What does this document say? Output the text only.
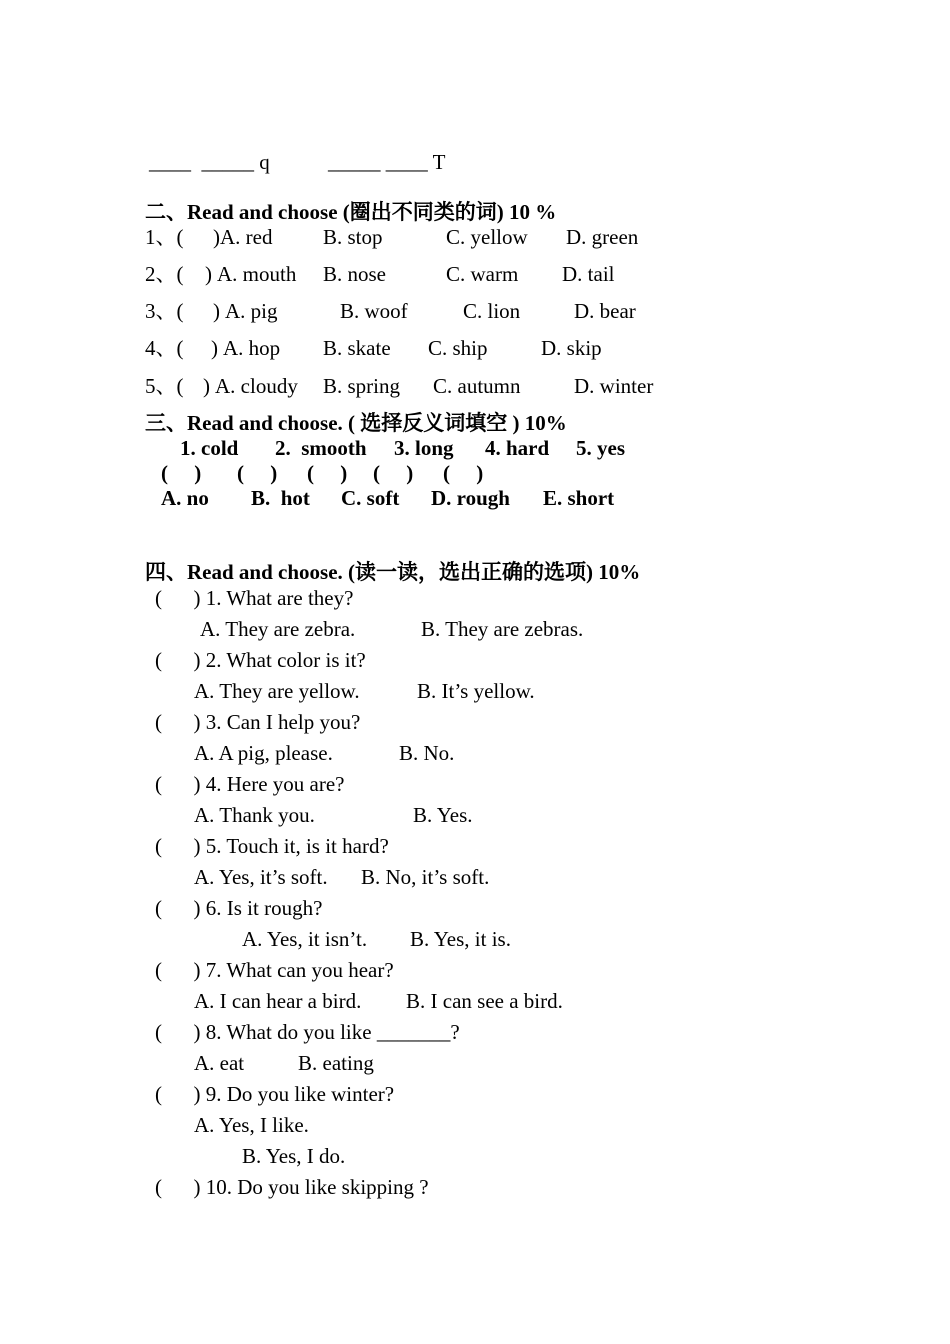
____  _____ q	_____ ____ T
二、Read and choose (圈出不同类的词) 10 %
1、( ) A. red B. stop	C. yellow D. green
2、( ) A. mouth B. nose	C. warm D. tail
3、( ) A. pig	B. woof	C. lion	D. bear
4、( ) A. hop B. skate C. ship	D. skip
5、( ) A. cloudy B. spring C. autumn	D. winter
三、Read and choose. ( 选择反义词填空 ) 10%
1. cold 2.  smooth 3. long 4. hard 5. yes
(     ) (     ) (     ) (     ) (     )
A. no B.  hot C. soft D. rough E. short
四、Read and choose. (读一读，选出正确的选项) 10%
(      ) 1. What are they?
A. They are zebra.	B. They are zebras.
(      ) 2. What color is it?
A. They are yellow.	B. It’s yellow.
(      ) 3. Can I help you?
A. A pig, please.	B. No.
(      ) 4. Here you are?
A. Thank you.	B. Yes.
(      ) 5. Touch it, is it hard?
A. Yes, it’s soft. B. No, it’s soft.
(      ) 6. Is it rough?
A. Yes, it isn’t. B. Yes, it is.
(      ) 7. What can you hear?
A. I can hear a bird. B. I can see a bird.
(      ) 8. What do you like _______?
A. eat	B. eating
(      ) 9. Do you like winter?
A. Yes, I like.
B. Yes, I do.
(      ) 10. Do you like skipping ?
